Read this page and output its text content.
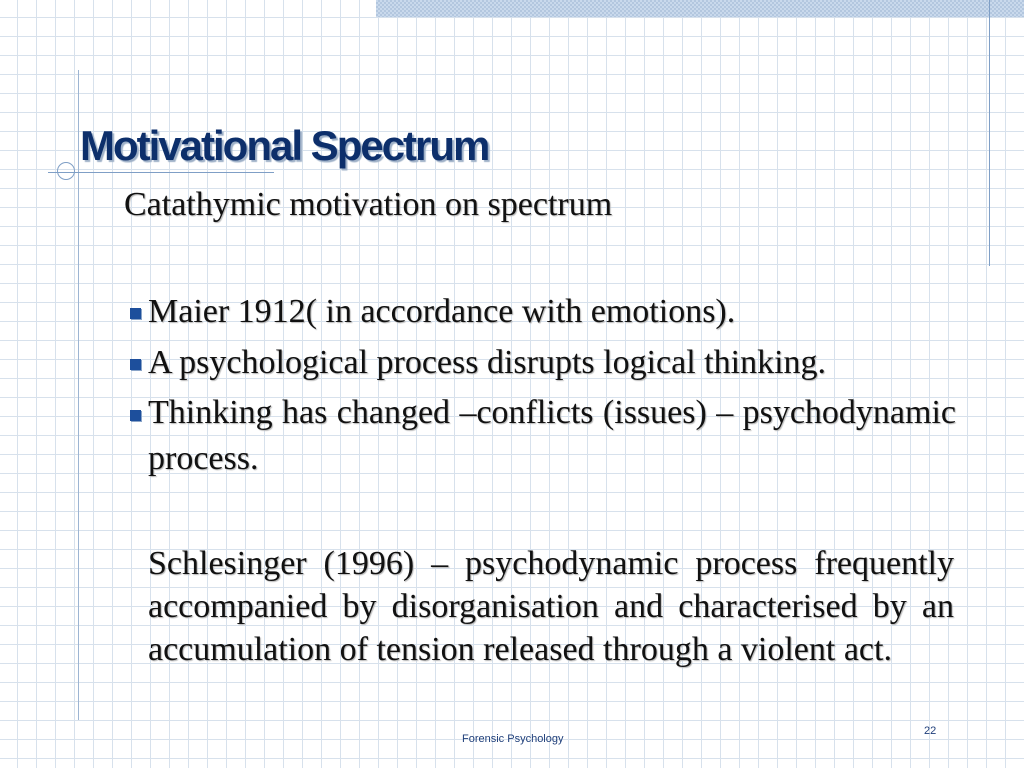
Motivational Spectrum

Catathymic motivation on spectrum

Maier 1912( in accordance with emotions).
A psychological process disrupts logical thinking.
Thinking has changed –conflicts (issues) – psychodynamic process.

Schlesinger (1996) – psychodynamic process frequently accompanied by disorganisation and characterised by an accumulation of tension released through a violent act.

Forensic Psychology
22
